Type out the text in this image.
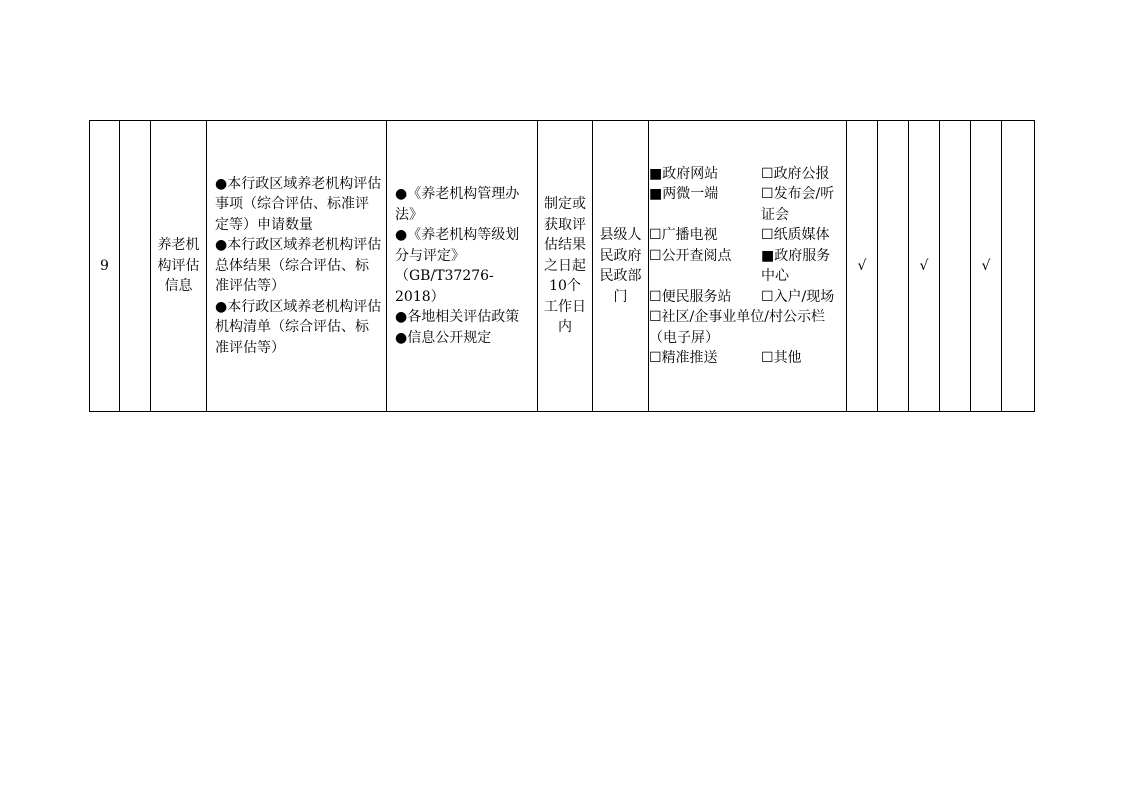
9		养老机构评估信息	
●本行政区域养老机构评估事项（综合评估、标准评定等）申请数量
●本行政区域养老机构评估总体结果（综合评估、标准评估等）
●本行政区域养老机构评估机构清单（综合评估、标准评估等）

●《养老机构管理办法》
●《养老机构等级划分与评定》（GB/T37276-2018）
●各地相关评估政策
●信息公开规定
	制定或获取评估结果之日起10个工作日内	县级人民政府民政部门	
■政府网站	☐政府公报
■两微一端	☐发布会/听证会
☐广播电视	☐纸质媒体
☐公开查阅点	■政府服务中心
☐便民服务站	☐入户/现场
☐社区/企事业单位/村公示栏（电子屏）
☐精准推送	☐其他
	√		√		√	
